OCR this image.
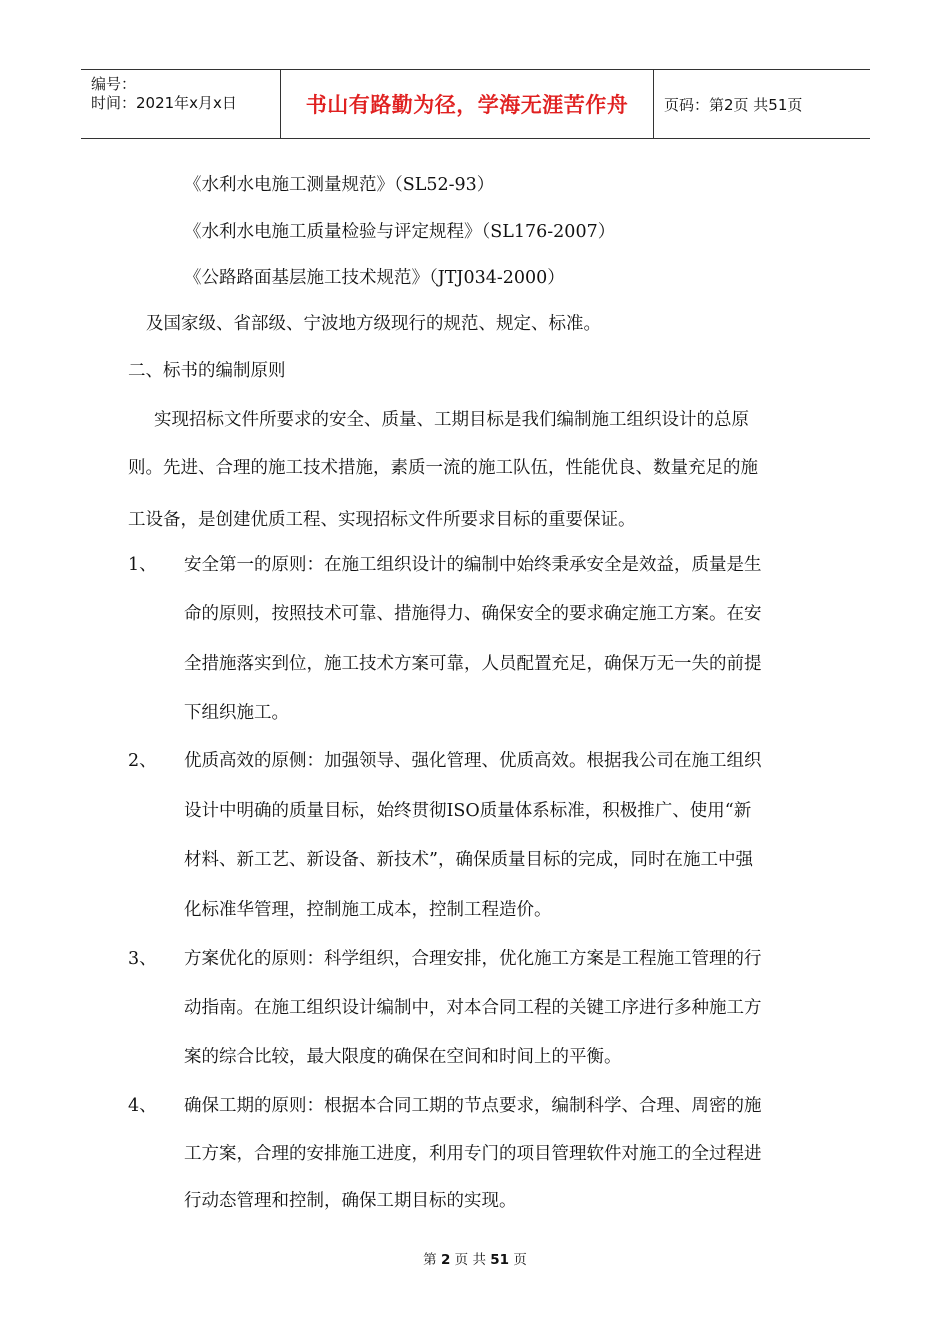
编号：
时间：2021年x月x日	书山有路勤为径，学海无涯苦作舟 页码：第2页 共51页
《水利水电施工测量规范》（SL52-93）
《水利水电施工质量检验与评定规程》（SL176-2007）
《公路路面基层施工技术规范》（JTJ034-2000）
及国家级、省部级、宁波地方级现行的规范、规定、标准。
二、标书的编制原则
实现招标文件所要求的安全、质量、工期目标是我们编制施工组织设计的总原
则。先进、合理的施工技术措施，素质一流的施工队伍，性能优良、数量充足的施
工设备，是创建优质工程、实现招标文件所要求目标的重要保证。
1、 安全第一的原则：在施工组织设计的编制中始终秉承安全是效益，质量是生
命的原则，按照技术可靠、措施得力、确保安全的要求确定施工方案。在安
全措施落实到位，施工技术方案可靠，人员配置充足，确保万无一失的前提
下组织施工。
2、 优质高效的原侧：加强领导、强化管理、优质高效。根据我公司在施工组织
设计中明确的质量目标，始终贯彻ISO质量体系标准，积极推广、使用“新
材料、新工艺、新设备、新技术”，确保质量目标的完成，同时在施工中强
化标准华管理，控制施工成本，控制工程造价。
3、 方案优化的原则：科学组织，合理安排，优化施工方案是工程施工管理的行
动指南。在施工组织设计编制中，对本合同工程的关键工序进行多种施工方
案的综合比较，最大限度的确保在空间和时间上的平衡。
4、 确保工期的原则：根据本合同工期的节点要求，编制科学、合理、周密的施
工方案，合理的安排施工进度，利用专门的项目管理软件对施工的全过程进
行动态管理和控制，确保工期目标的实现。
第 2 页 共 51 页
